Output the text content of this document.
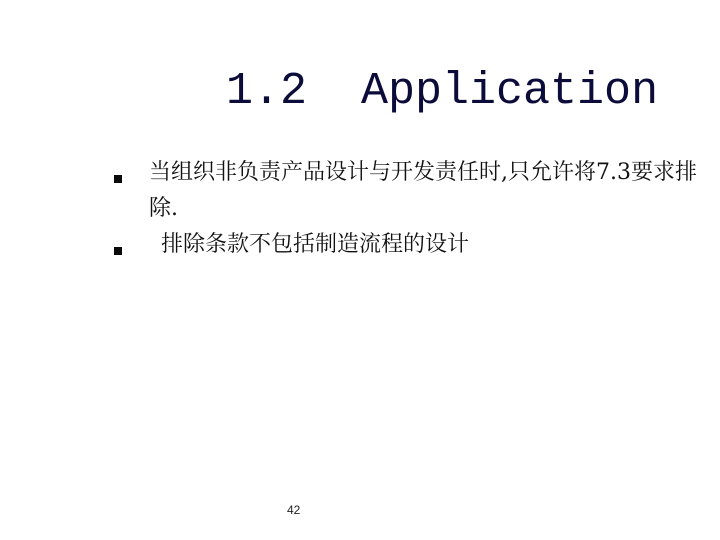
1.2  Application
当组织非负责产品设计与开发责任时,只允许将7.3要求排除.
排除条款不包括制造流程的设计
42
